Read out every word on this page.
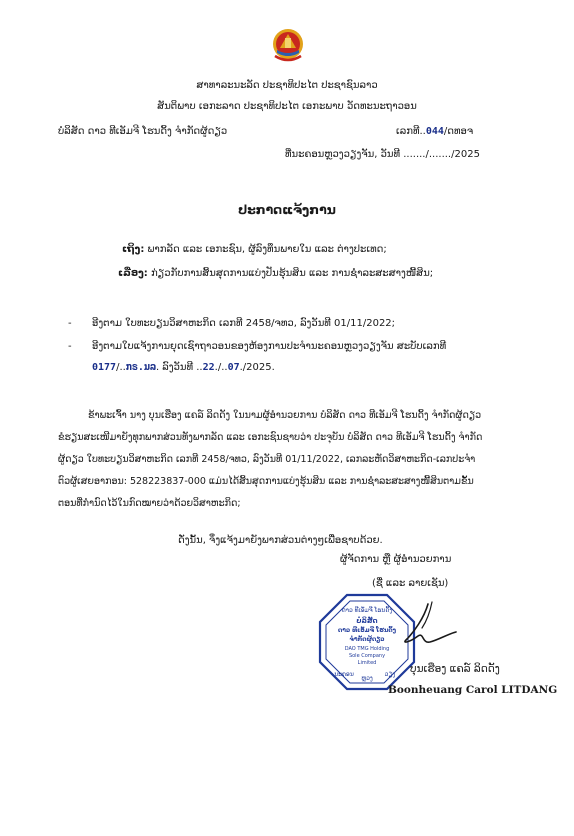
ສາທາລະນະລັດ ປະຊາທິປະໄຕ ປະຊາຊົນລາວ
ສັນຕິພາບ ເອກະລາດ ປະຊາທິປະໄຕ ເອກະພາບ ວັດທະນະຖາວອນ
ບໍລິສັດ ດາວ ທີເອັມຈີ ໂຮນດິ້ງ ຈຳກັດຜູ້ດຽວ	ເລກທີ..044/ດທອຈ
ທີ່ນະຄອນຫຼວງວຽງຈັນ, ວັນທີ ......./......./2025
ປະກາດແຈ້ງການ
ເຖິງ: ພາກລັດ ແລະ ເອກະຊົນ, ຜູ້ລົງທຶນພາຍໃນ ແລະ ຕ່າງປະເທດ;
ເລື່ອງ: ກ່ຽວກັບການສິ້ນສຸດການແບ່ງປັນຮຸ້ນສິນ ແລະ ການຊຳລະສະສາງໜີ້ສິນ;
- ອີງຕາມ ໃບທະບຽນວິສາຫະກິດ ເລກທີ 2458/ຈທວ, ລົງວັນທີ 01/11/2022;
- ອີງຕາມໃບແຈ້ງການຍຸດເຊົາຖາວອນຂອງຫ້ອງການປະຈຳນະຄອນຫຼວງວຽງຈັນ ສະບັບເລກທີ
0177/..ກຣ.ນລ. ລົງວັນທີ ..22./..07./2025.
ຂ້າພະເຈົ້າ ນາງ ບຸນເຮືອງ ແຄລ໌ ລິດດັງ ໃນນາມຜູ້ອຳນວຍການ ບໍລິສັດ ດາວ ທີເອັມຈີ ໂຮນດິ້ງ ຈຳກັດຜູ້ດຽວ
ຂໍຮຽນສະເໜີມາຍັງທຸກພາກສ່ວນທັງພາກລັດ ແລະ ເອກະຊົນຊາບວ່າ ປະຈຸບັນ ບໍລິສັດ ດາວ ທີເອັມຈີ ໂຮນດິ້ງ ຈຳກັດ
ຜູ້ດຽວ ໃບທະບຽນວິສາຫະກິດ ເລກທີ 2458/ຈທວ, ລົງວັນທີ 01/11/2022, ເລກລະຫັດວິສາຫະກິດ-ເລກປະຈຳ
ຕົວຜູ້ເສຍອາກອນ: 528223837-000 ແມ່ນໄດ້ສິ້ນສຸດການແບ່ງຮຸ້ນສິນ ແລະ ການຊຳລະສະສາງໜີ້ສິນຕາມຂັ້ນ
ຕອນທີ່ກຳນົດໄວ້ໃນກົດໝາຍວ່າດ້ວຍວິສາຫະກິດ;
ດັ່ງນັ້ນ, ຈຶ່ງແຈ້ງມາຍັງພາກສ່ວນຕ່າງໆເພື່ອຊາບດ້ວຍ.
ຜູ້ຈັດການ ຫຼື ຜູ້ອຳນວຍການ
(ຊື່ ແລະ ລາຍເຊັນ)
ດາວ ທີເອັມຈີ ໂຮນດິ້ງ
ບໍລິສັດ
ດາວ ທີເອັມຈີ ໂຮນດິ້ງ
ຈຳກັດຜູ້ດຽວ
DAO TMG Holding
Sole Company
Limited
ນະຄອນ
ຫຼວງ
ວຽງ ບຸນເຮືອງ ແຄລ໌ ລິດດັງ
Boonheuang Carol LITDANG
